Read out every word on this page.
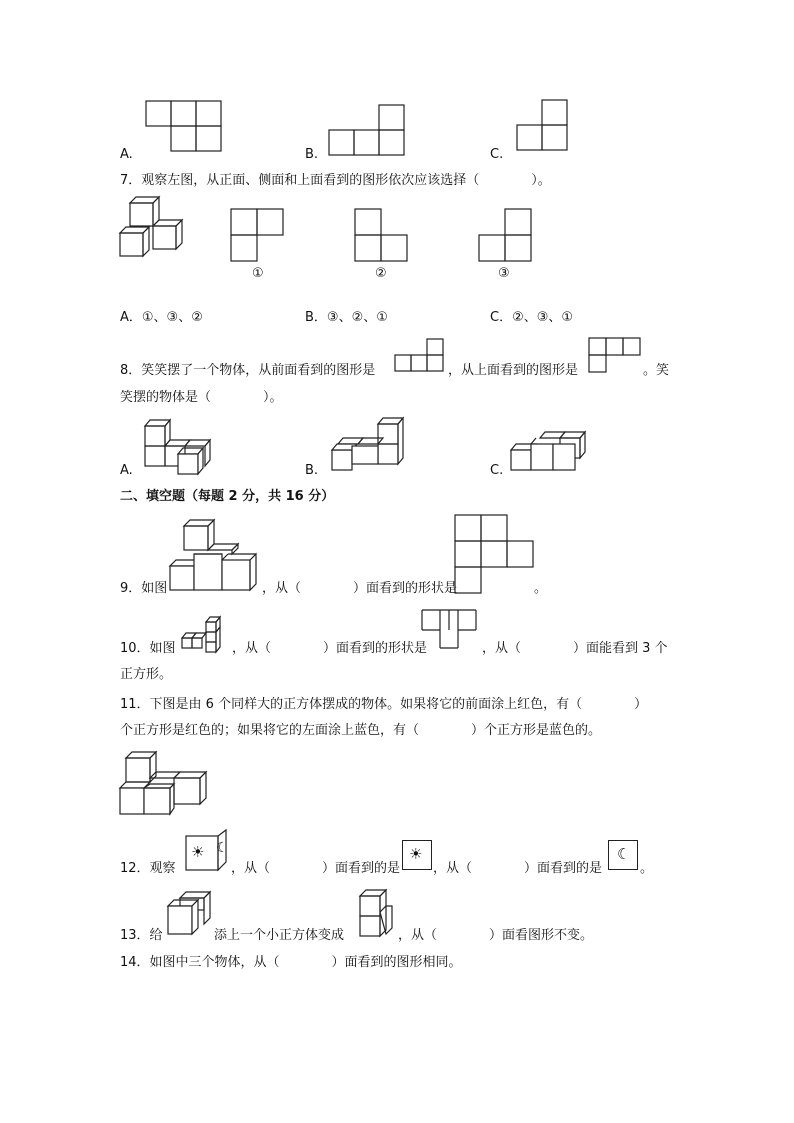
A.	B.	C.
7．观察左图，从正面、侧面和上面看到的图形依次应该选择（　　　　）。
①	②	③
A．①、③、②	B．③、②、①	C．②、③、①
8．笑笑摆了一个物体，从前面看到的图形是	，从上面看到的图形是	。笑
笑摆的物体是（　　　　）。
A.	B.	C.
二、填空题（每题 2 分，共 16 分）
9．如图	，从（　　　　）面看到的形状是	。
10．如图	，从（　　　　）面看到的形状是	，从（　　　　）面能看到 3 个
正方形。
11．下图是由 6 个同样大的正方体摆成的物体。如果将它的前面涂上红色，有（　　　　）
个正方形是红色的；如果将它的左面涂上蓝色，有（　　　　）个正方形是蓝色的。
12．观察
☀ ☾
，从（　　　　）面看到的是
☀
，从（　　　　）面看到的是
☾
。
13．给	添上一个小正方体变成	，从（　　　　）面看图形不变。
14．如图中三个物体，从（　　　　）面看到的图形相同。
